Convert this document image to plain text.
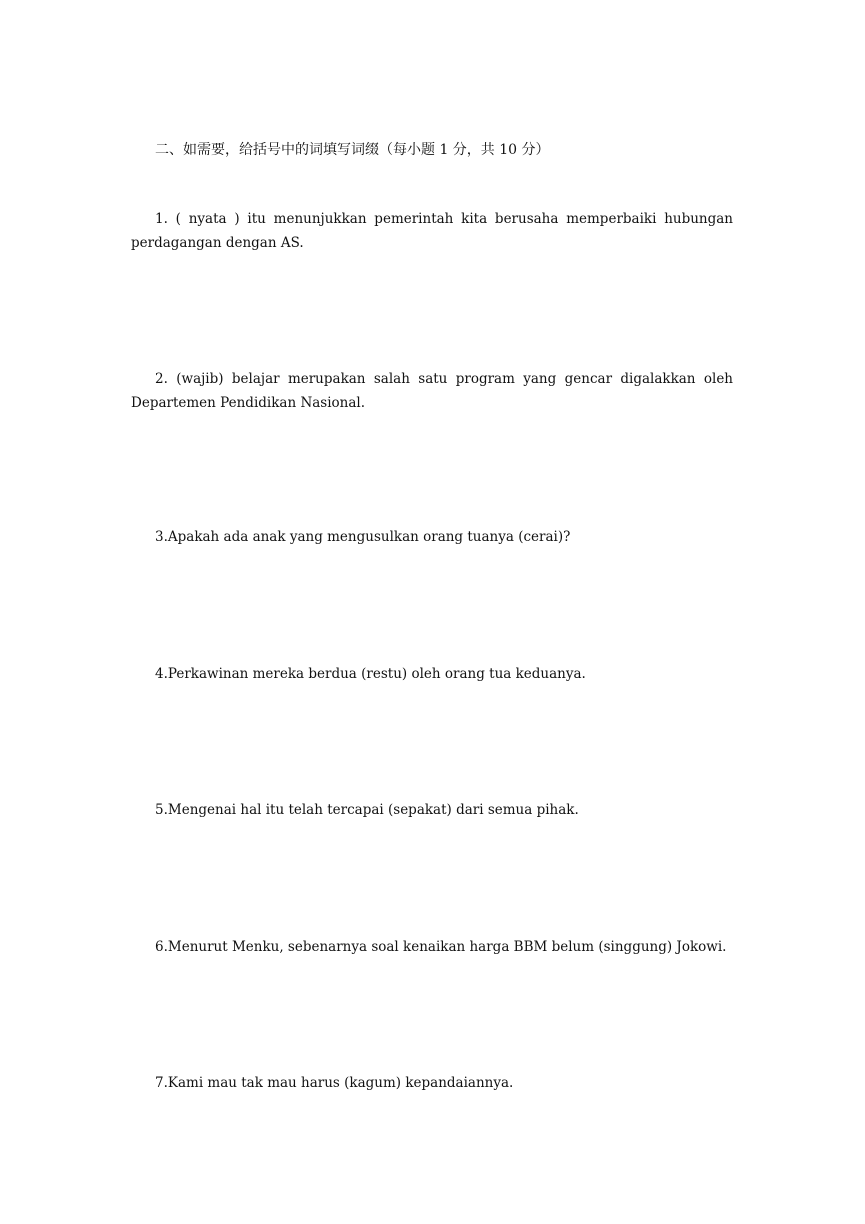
二、如需要，给括号中的词填写词缀（每小题 1 分，共 10 分）
1. ( nyata ) itu menunjukkan pemerintah kita berusaha memperbaiki hubungan
perdagangan dengan AS.
2. (wajib) belajar merupakan salah satu program yang gencar digalakkan oleh
Departemen Pendidikan Nasional.
3.Apakah ada anak yang mengusulkan orang tuanya (cerai)?
4.Perkawinan mereka berdua (restu) oleh orang tua keduanya.
5.Mengenai hal itu telah tercapai (sepakat) dari semua pihak.
6.Menurut Menku, sebenarnya soal kenaikan harga BBM belum (singgung) Jokowi.
7.Kami mau tak mau harus (kagum) kepandaiannya.
